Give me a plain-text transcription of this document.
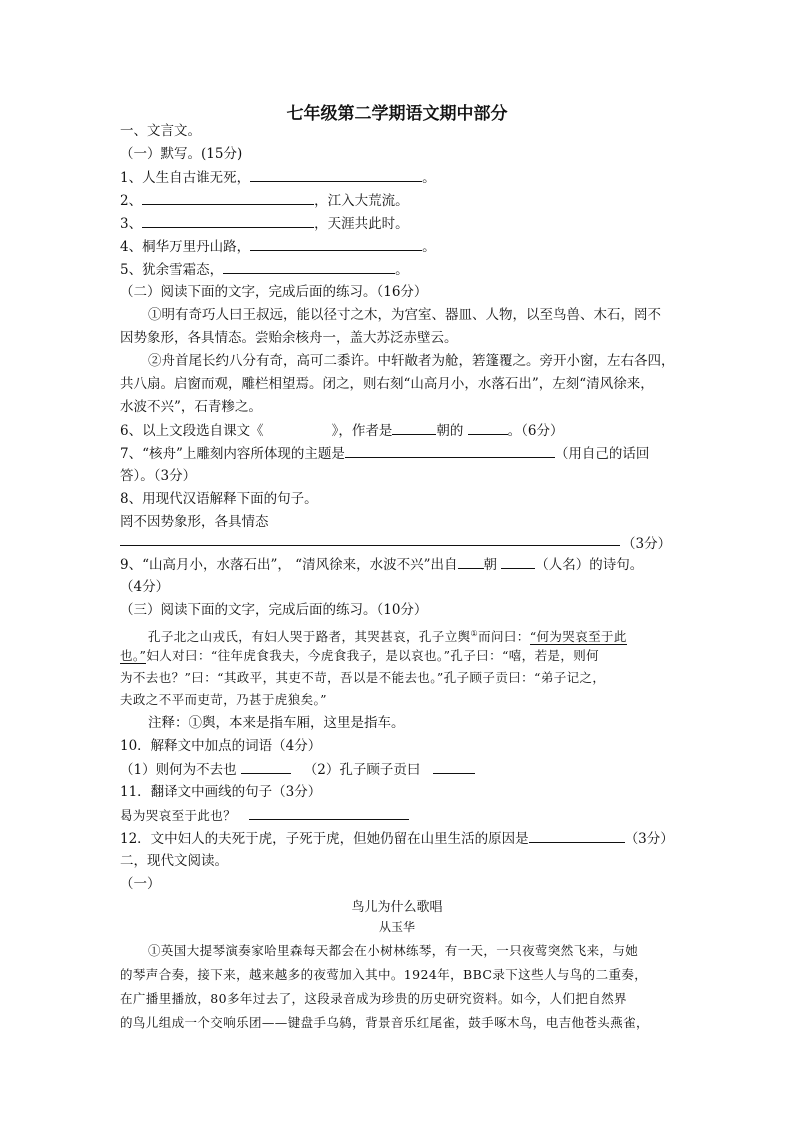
七年级第二学期语文期中部分
一、文言文。
（一）默写。(15分)
1、人生自古谁无死，	。
2、	，江入大荒流。
3、	，天涯共此时。
4、桐华万里丹山路，	。
5、犹余雪霜态，	。
（二）阅读下面的文字，完成后面的练习。（16分）
①明有奇巧人曰王叔远，能以径寸之木，为宫室、器皿、人物，以至鸟兽、木石，罔不
因势象形，各具情态。尝贻余核舟一，盖大苏泛赤壁云。
②舟首尾长约八分有奇，高可二黍许。中轩敞者为舱，箬篷覆之。旁开小窗，左右各四，
共八扇。启窗而观，雕栏相望焉。闭之，则右刻“山高月小，水落石出”，左刻“清风徐来，
水波不兴”，石青糁之。
6、以上文段选自课文《	》，作者是	朝的	。（6分）
7、“核舟”上雕刻内容所体现的主题是	（用自己的话回
答）。（3分）
8、用现代汉语解释下面的句子。
罔不因势象形，各具情态
（3分）
9、“山高月小，水落石出”， “清风徐来，水波不兴”出自 朝	（人名）的诗句。
（4分）
（三）阅读下面的文字，完成后面的练习。（10分）
孔子北之山戎氏，有妇人哭于路者，其哭甚哀，孔子立舆①而问曰：“何为哭哀至于此
也。”妇人对曰：“往年虎食我夫，今虎食我子，是以哀也。”孔子曰：“嘻，若是，则何
为不去也？”曰：“其政平，其吏不苛，吾以是不能去也。”孔子顾子贡曰：“弟子记之，
夫政之不平而吏苛，乃甚于虎狼矣。”
注释：①舆，本来是指车厢，这里是指车。
10．解释文中加点的词语（4分）
（1）则何为不去也	（2）孔子顾子贡曰
11．翻译文中画线的句子（3分）
曷为哭哀至于此也？
12．文中妇人的夫死于虎，子死于虎，但她仍留在山里生活的原因是	（3分）
二，现代文阅读。
（一）
鸟儿为什么歌唱
从玉华
①英国大提琴演奏家哈里森每天都会在小树林练琴，有一天，一只夜莺突然飞来，与她
的琴声合奏，接下来，越来越多的夜莺加入其中。1924年，BBC录下这些人与鸟的二重奏，
在广播里播放，80多年过去了，这段录音成为珍贵的历史研究资料。如今，人们把自然界
的鸟儿组成一个交响乐团——键盘手乌鸫，背景音乐红尾雀，鼓手啄木鸟，电吉他苍头燕雀，
